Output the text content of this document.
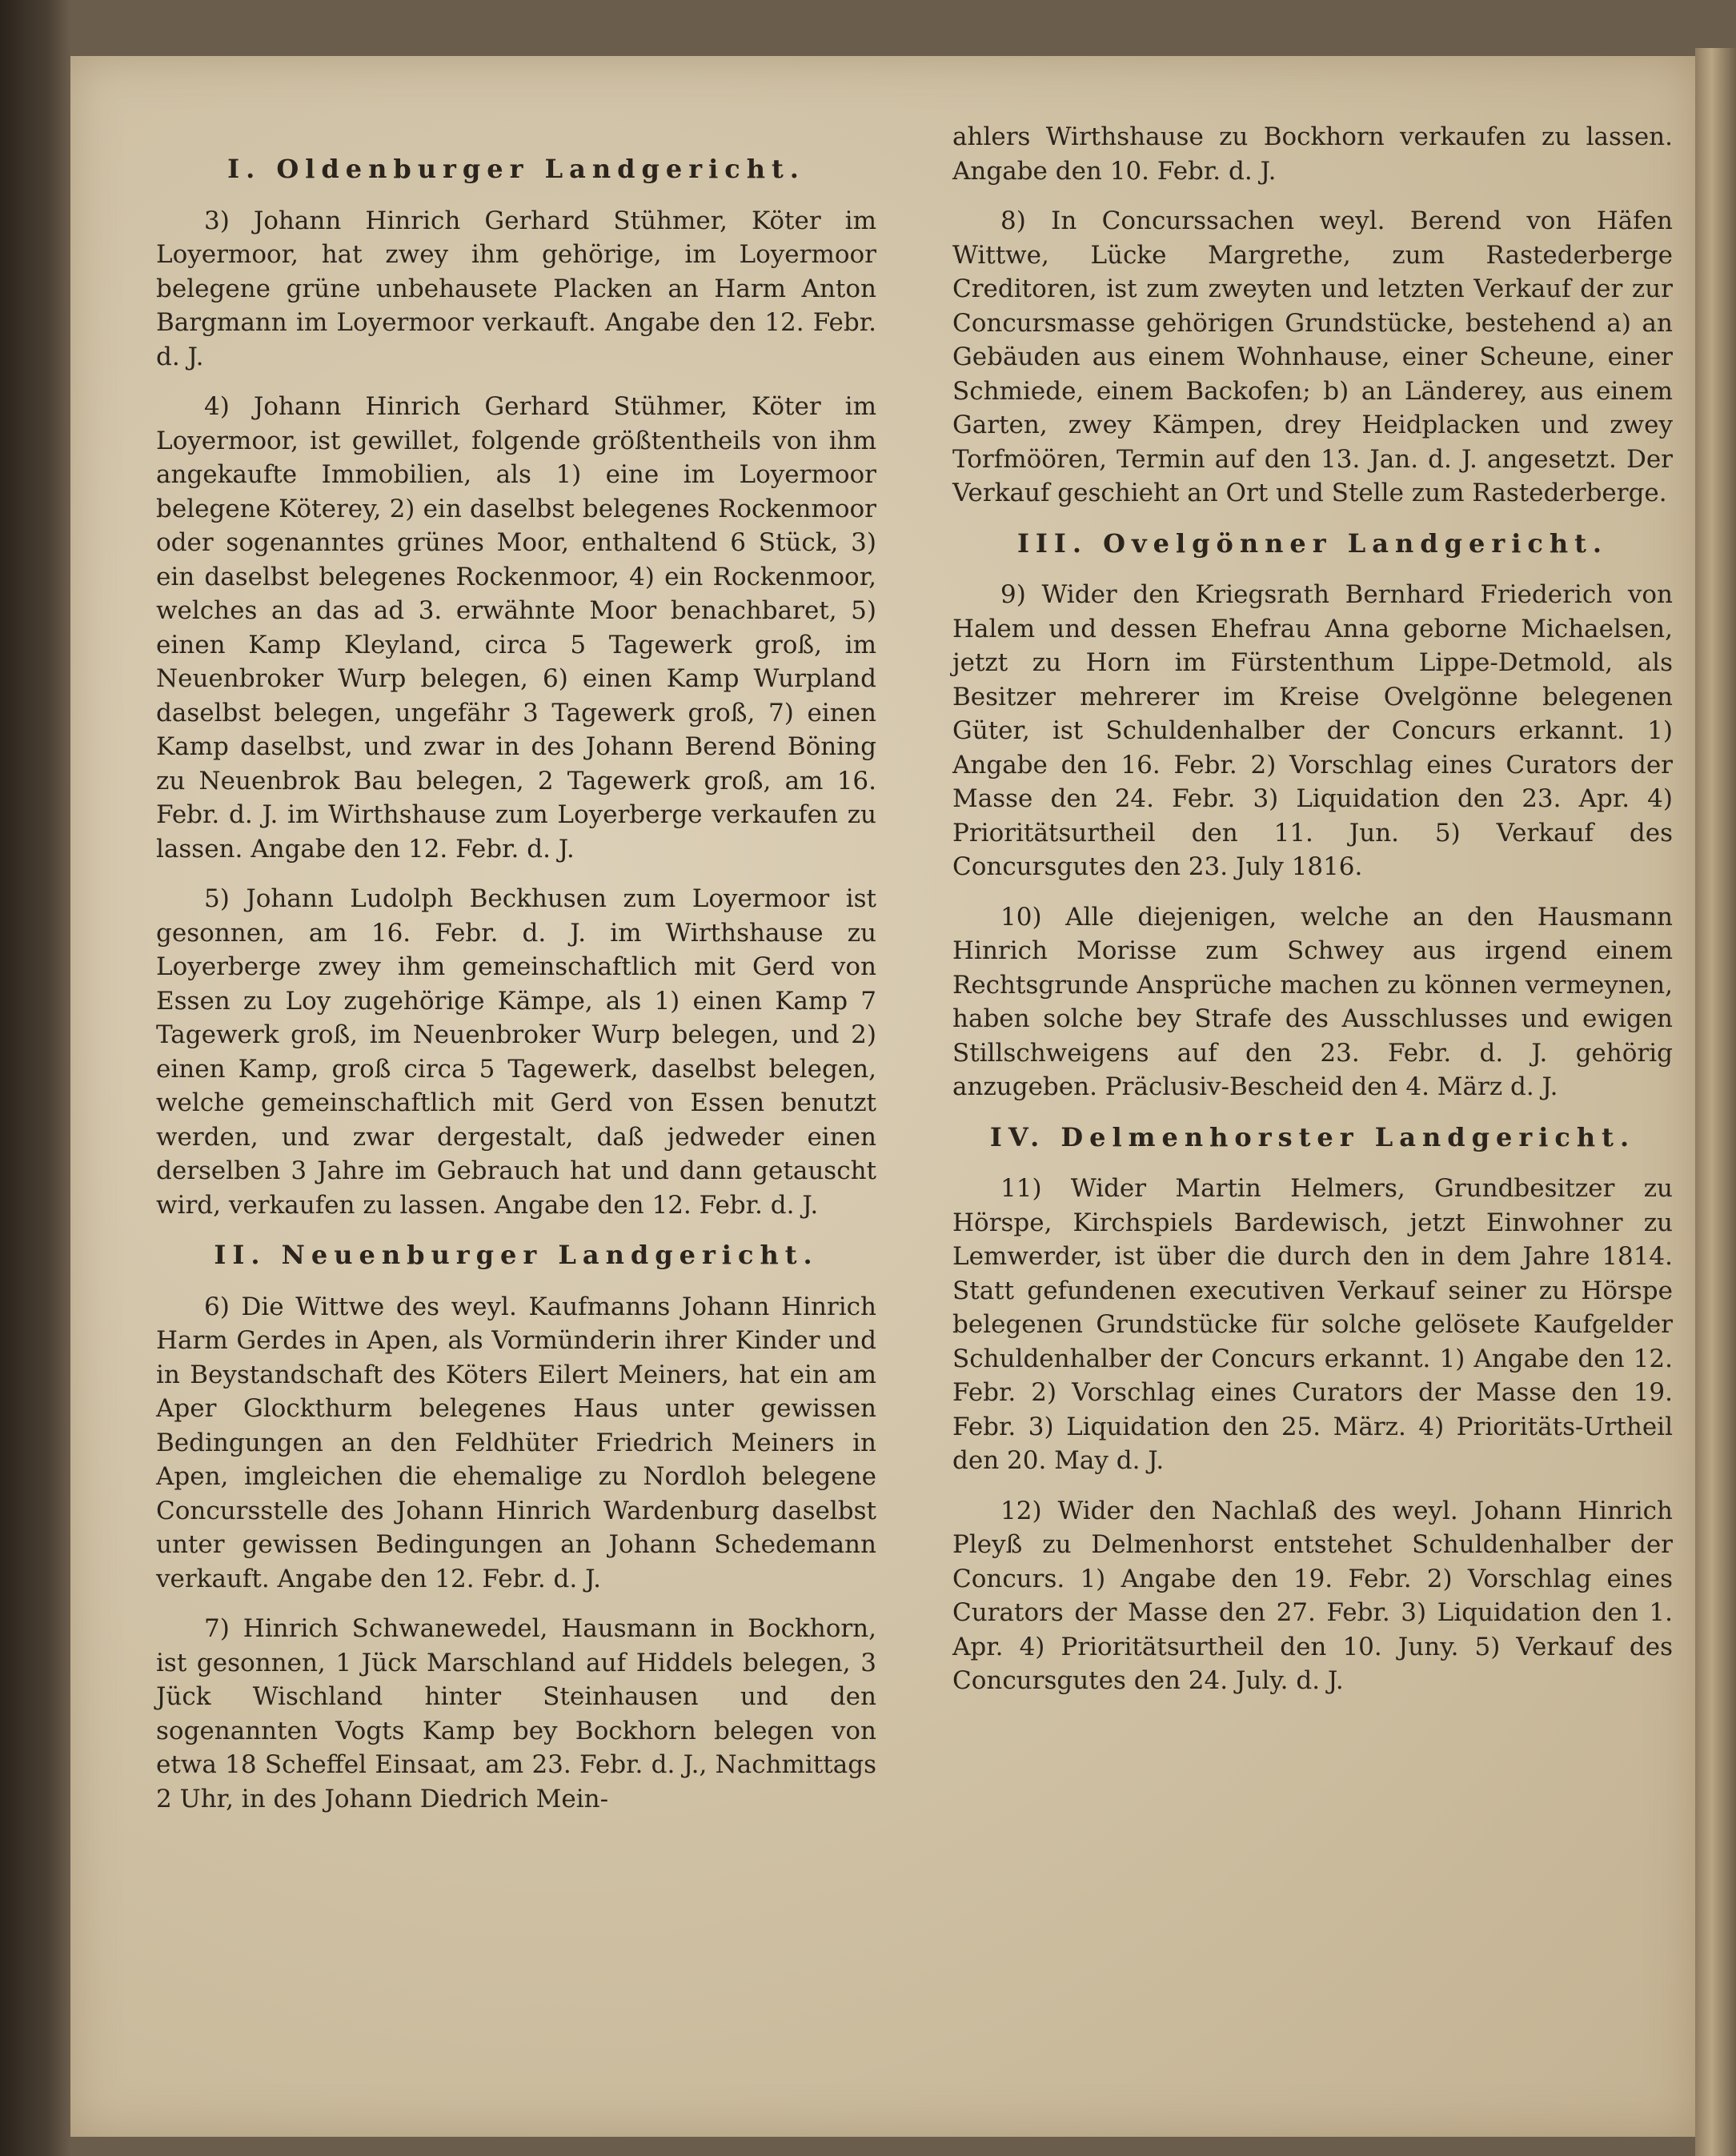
I. Oldenburger Landgericht.

3) Johann Hinrich Gerhard Stühmer, Köter im Loyermoor, hat zwey ihm gehörige, im Loyermoor belegene grüne unbehausete Placken an Harm Anton Bargmann im Loyermoor verkauft. Angabe den 12. Febr. d. J.

4) Johann Hinrich Gerhard Stühmer, Köter im Loyermoor, ist gewillet, folgende größtentheils von ihm angekaufte Immobilien, als 1) eine im Loyermoor belegene Köterey, 2) ein daselbst belegenes Rockenmoor oder sogenanntes grünes Moor, enthaltend 6 Stück, 3) ein daselbst belegenes Rockenmoor, 4) ein Rockenmoor, welches an das ad 3. erwähnte Moor benachbaret, 5) einen Kamp Kleyland, circa 5 Tagewerk groß, im Neuenbroker Wurp belegen, 6) einen Kamp Wurpland daselbst belegen, ungefähr 3 Tagewerk groß, 7) einen Kamp daselbst, und zwar in des Johann Berend Böning zu Neuenbrok Bau belegen, 2 Tagewerk groß, am 16. Febr. d. J. im Wirthshause zum Loyerberge verkaufen zu lassen. Angabe den 12. Febr. d. J.

5) Johann Ludolph Beckhusen zum Loyermoor ist gesonnen, am 16. Febr. d. J. im Wirthshause zu Loyerberge zwey ihm gemeinschaftlich mit Gerd von Essen zu Loy zugehörige Kämpe, als 1) einen Kamp 7 Tagewerk groß, im Neuenbroker Wurp belegen, und 2) einen Kamp, groß circa 5 Tagewerk, daselbst belegen, welche gemeinschaftlich mit Gerd von Essen benutzt werden, und zwar dergestalt, daß jedweder einen derselben 3 Jahre im Gebrauch hat und dann getauscht wird, verkaufen zu lassen. Angabe den 12. Febr. d. J.

II. Neuenburger Landgericht.

6) Die Wittwe des weyl. Kaufmanns Johann Hinrich Harm Gerdes in Apen, als Vormünderin ihrer Kinder und in Beystandschaft des Köters Eilert Meiners, hat ein am Aper Glockthurm belegenes Haus unter gewissen Bedingungen an den Feldhüter Friedrich Meiners in Apen, imgleichen die ehemalige zu Nordloh belegene Concursstelle des Johann Hinrich Wardenburg daselbst unter gewissen Bedingungen an Johann Schedemann verkauft. Angabe den 12. Febr. d. J.

7) Hinrich Schwanewedel, Hausmann in Bockhorn, ist gesonnen, 1 Jück Marschland auf Hiddels belegen, 3 Jück Wischland hinter Steinhausen und den sogenannten Vogts Kamp bey Bockhorn belegen von etwa 18 Scheffel Einsaat, am 23. Febr. d. J., Nachmittags 2 Uhr, in des Johann Diedrich Mein-

ahlers Wirthshause zu Bockhorn verkaufen zu lassen. Angabe den 10. Febr. d. J.

8) In Concurssachen weyl. Berend von Häfen Wittwe, Lücke Margrethe, zum Rastederberge Creditoren, ist zum zweyten und letzten Verkauf der zur Concursmasse gehörigen Grundstücke, bestehend a) an Gebäuden aus einem Wohnhause, einer Scheune, einer Schmiede, einem Backofen; b) an Länderey, aus einem Garten, zwey Kämpen, drey Heidplacken und zwey Torfmöören, Termin auf den 13. Jan. d. J. angesetzt. Der Verkauf geschieht an Ort und Stelle zum Rastederberge.

III. Ovelgönner Landgericht.

9) Wider den Kriegsrath Bernhard Friederich von Halem und dessen Ehefrau Anna geborne Michaelsen, jetzt zu Horn im Fürstenthum Lippe-Detmold, als Besitzer mehrerer im Kreise Ovelgönne belegenen Güter, ist Schuldenhalber der Concurs erkannt. 1) Angabe den 16. Febr. 2) Vorschlag eines Curators der Masse den 24. Febr. 3) Liquidation den 23. Apr. 4) Prioritätsurtheil den 11. Jun. 5) Verkauf des Concursgutes den 23. July 1816.

10) Alle diejenigen, welche an den Hausmann Hinrich Morisse zum Schwey aus irgend einem Rechtsgrunde Ansprüche machen zu können vermeynen, haben solche bey Strafe des Ausschlusses und ewigen Stillschweigens auf den 23. Febr. d. J. gehörig anzugeben. Präclusiv-Bescheid den 4. März d. J.

IV. Delmenhorster Landgericht.

11) Wider Martin Helmers, Grundbesitzer zu Hörspe, Kirchspiels Bardewisch, jetzt Einwohner zu Lemwerder, ist über die durch den in dem Jahre 1814. Statt gefundenen executiven Verkauf seiner zu Hörspe belegenen Grundstücke für solche gelösete Kaufgelder Schuldenhalber der Concurs erkannt. 1) Angabe den 12. Febr. 2) Vorschlag eines Curators der Masse den 19. Febr. 3) Liquidation den 25. März. 4) Prioritäts-Urtheil den 20. May d. J.

12) Wider den Nachlaß des weyl. Johann Hinrich Pleyß zu Delmenhorst entstehet Schuldenhalber der Concurs. 1) Angabe den 19. Febr. 2) Vorschlag eines Curators der Masse den 27. Febr. 3) Liquidation den 1. Apr. 4) Prioritätsurtheil den 10. Juny. 5) Verkauf des Concursgutes den 24. July. d. J.
